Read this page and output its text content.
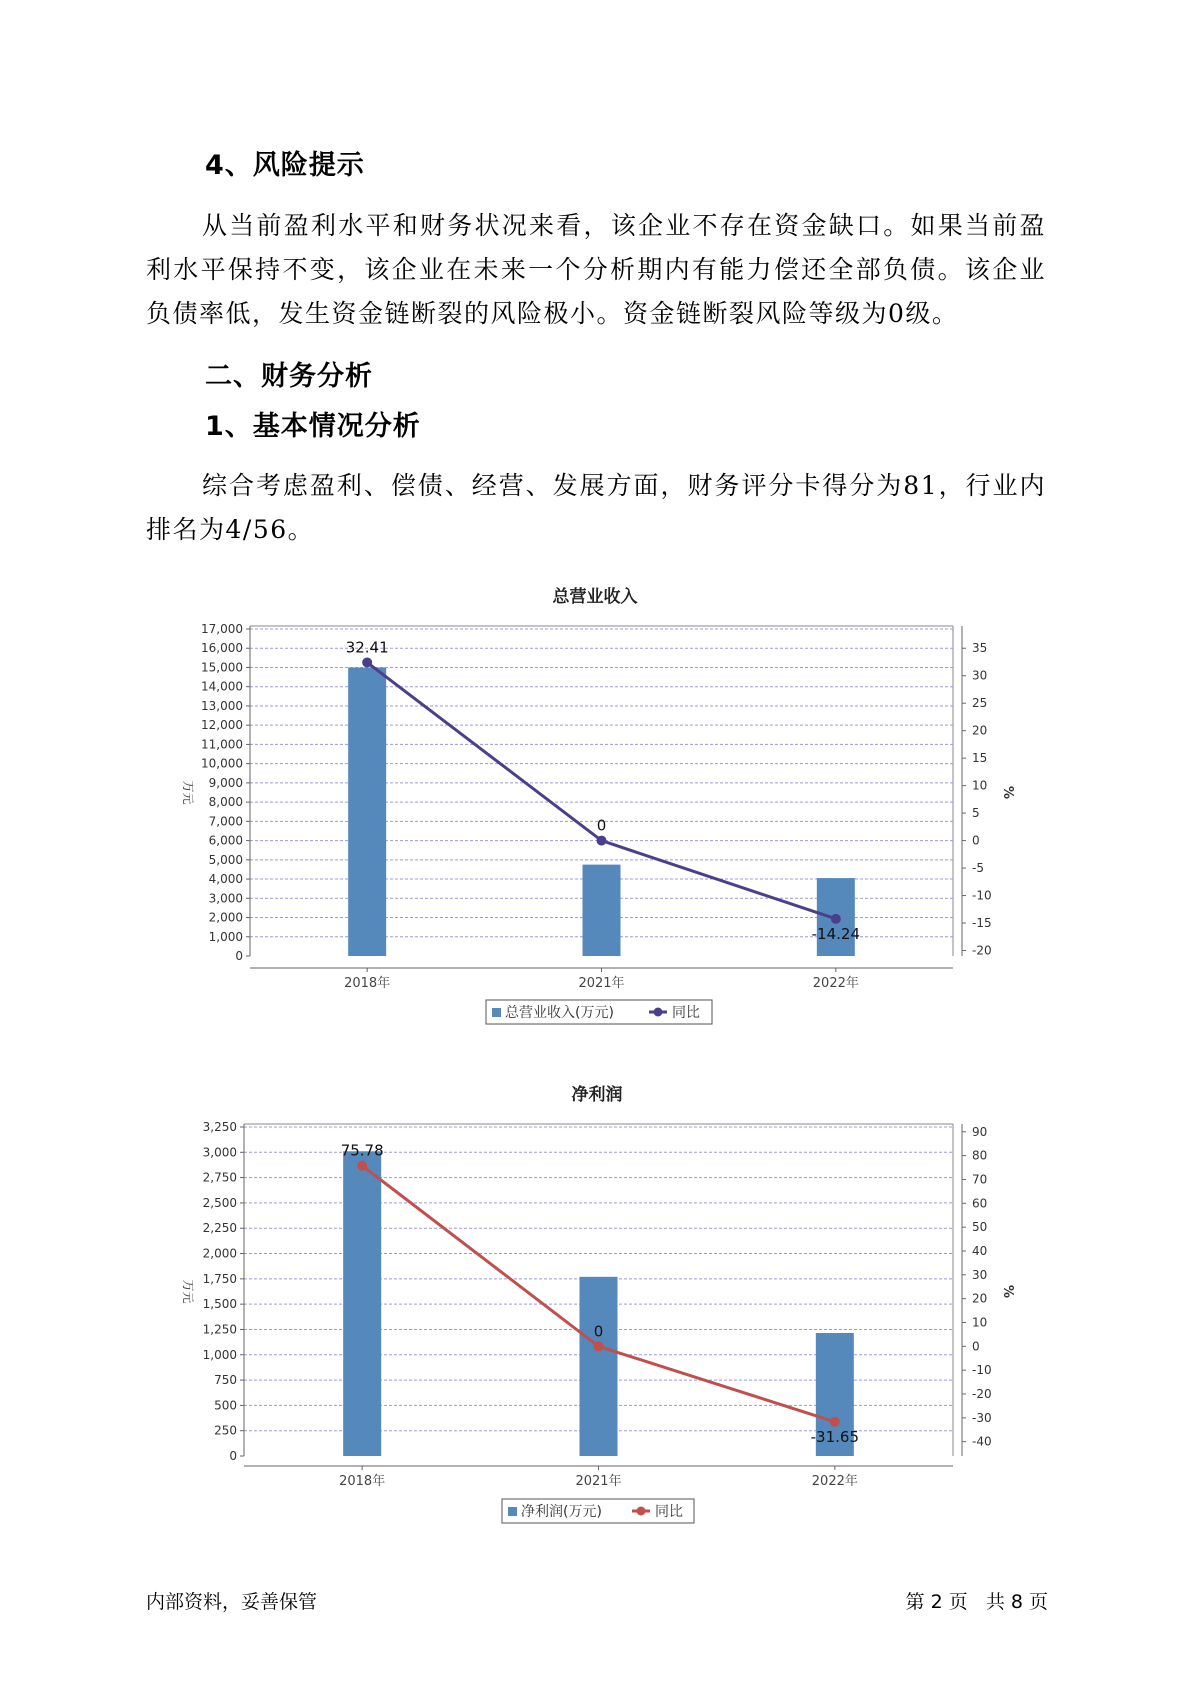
4、风险提示

从当前盈利水平和财务状况来看，该企业不存在资金缺口。如果当前盈利水平保持不变，该企业在未来一个分析期内有能力偿还全部负债。该企业负债率低，发生资金链断裂的风险极小。资金链断裂风险等级为0级。

二、财务分析
1、基本情况分析

综合考虑盈利、偿债、经营、发展方面，财务评分卡得分为81，行业内排名为4/56。

总营业收入
0
1,000
2,000
3,000
4,000
5,000
6,000
7,000
8,000
9,000
10,000
11,000
12,000
13,000
14,000
15,000
16,000
17,000
-20
-15
-10
-5
0
5
10
15
20
25
30
35
万元	%
2018年	2021年	2022年
32.41
0
-14.24
总营业收入(万元)	同比
净利润
0
250
500
750
1,000
1,250
1,500
1,750
2,000
2,250
2,500
2,750
3,000
3,250
-40
-30
-20
-10
0
10
20
30
40
50
60
70
80
90
万元	%
2018年	2021年	2022年
75.78
0
-31.65
净利润(万元)	同比
内部资料，妥善保管	第 2 页   共 8 页
